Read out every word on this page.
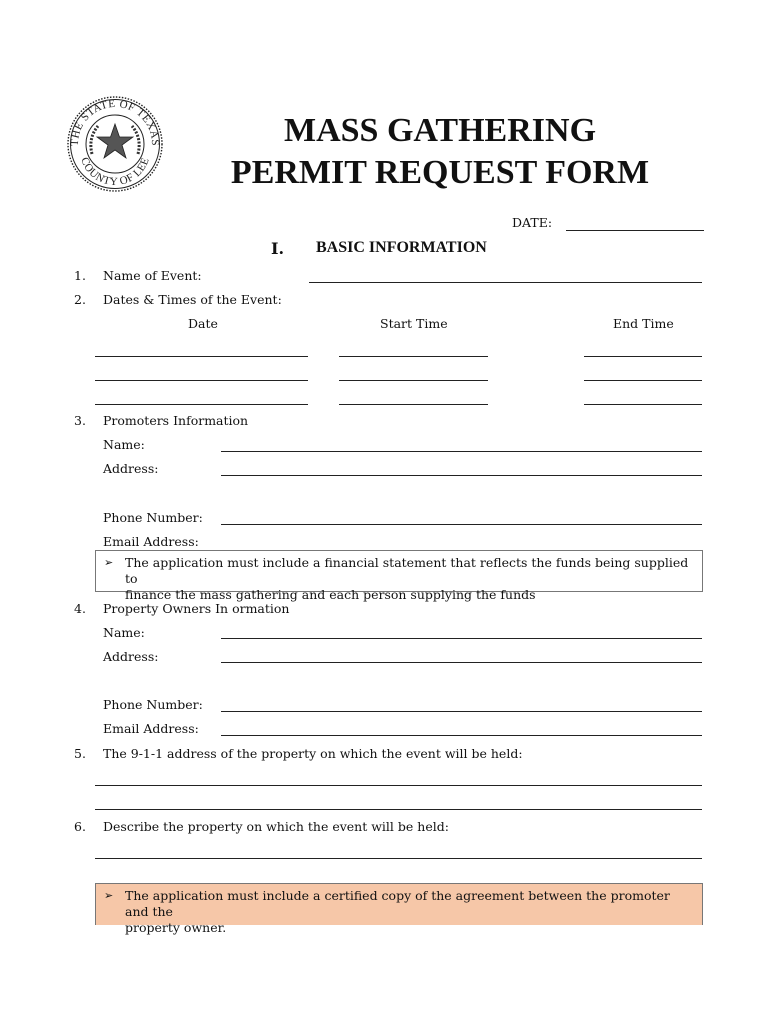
THE STATE OF TEXAS
COUNTY OF LEE
MASS GATHERING
PERMIT REQUEST FORM
DATE:
I. BASIC INFORMATION
1. Name of Event:
2. Dates & Times of the Event:
Date	Start Time	End Time
3. Promoters Information
Name:
Address:
Phone Number:
Email Address:
➢ The application must include a financial statement that reflects the funds being supplied to
finance the mass gathering and each person supplying the funds
4. Property Owners In ormation
Name:
Address:
Phone Number:
Email Address:
5. The 9-1-1 address of the property on which the event will be held:
6. Describe the property on which the event will be held:
➢ The application must include a certified copy of the agreement between the promoter and the
property owner.
